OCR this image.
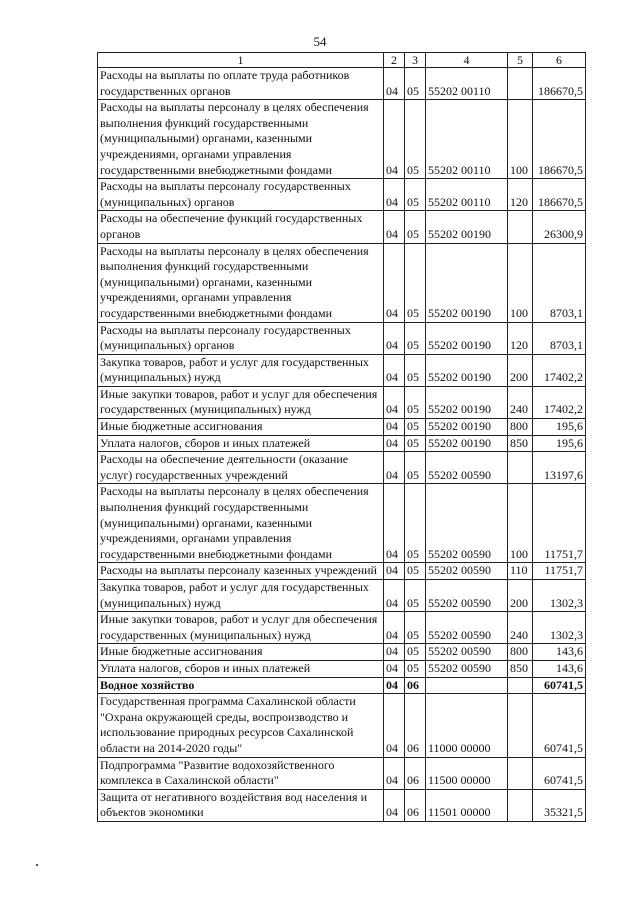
54
1	2	3	4	5	6
Расходы на выплаты по оплате труда работников государственных органов	04	05	55202 00110		186670,5
Расходы на выплаты персоналу в целях обеспечения выполнения функций государственными (муниципальными) органами, казенными учреждениями, органами управления государственными внебюджетными фондами	04	05	55202 00110	100	186670,5
Расходы на выплаты персоналу государственных (муниципальных) органов	04	05	55202 00110	120	186670,5
Расходы на обеспечение функций государственных органов	04	05	55202 00190		26300,9
Расходы на выплаты персоналу в целях обеспечения выполнения функций государственными (муниципальными) органами, казенными учреждениями, органами управления государственными внебюджетными фондами	04	05	55202 00190	100	8703,1
Расходы на выплаты персоналу государственных (муниципальных) органов	04	05	55202 00190	120	8703,1
Закупка товаров, работ и услуг для государственных (муниципальных) нужд	04	05	55202 00190	200	17402,2
Иные закупки товаров, работ и услуг для обеспечения государственных (муниципальных) нужд	04	05	55202 00190	240	17402,2
Иные бюджетные ассигнования	04	05	55202 00190	800	195,6
Уплата налогов, сборов и иных платежей	04	05	55202 00190	850	195,6
Расходы на обеспечение деятельности (оказание услуг) государственных учреждений	04	05	55202 00590		13197,6
Расходы на выплаты персоналу в целях обеспечения выполнения функций государственными (муниципальными) органами, казенными учреждениями, органами управления государственными внебюджетными фондами	04	05	55202 00590	100	11751,7
Расходы на выплаты персоналу казенных учреждений	04	05	55202 00590	110	11751,7
Закупка товаров, работ и услуг для государственных (муниципальных) нужд	04	05	55202 00590	200	1302,3
Иные закупки товаров, работ и услуг для обеспечения государственных (муниципальных) нужд	04	05	55202 00590	240	1302,3
Иные бюджетные ассигнования	04	05	55202 00590	800	143,6
Уплата налогов, сборов и иных платежей	04	05	55202 00590	850	143,6
Водное хозяйство	04	06			60741,5
Государственная программа Сахалинской области "Охрана окружающей среды, воспроизводство и использование природных ресурсов Сахалинской области на 2014-2020 годы"	04	06	11000 00000		60741,5
Подпрограмма "Развитие водохозяйственного комплекса в Сахалинской области"	04	06	11500 00000		60741,5
Защита от негативного воздействия вод населения и объектов экономики	04	06	11501 00000		35321,5
